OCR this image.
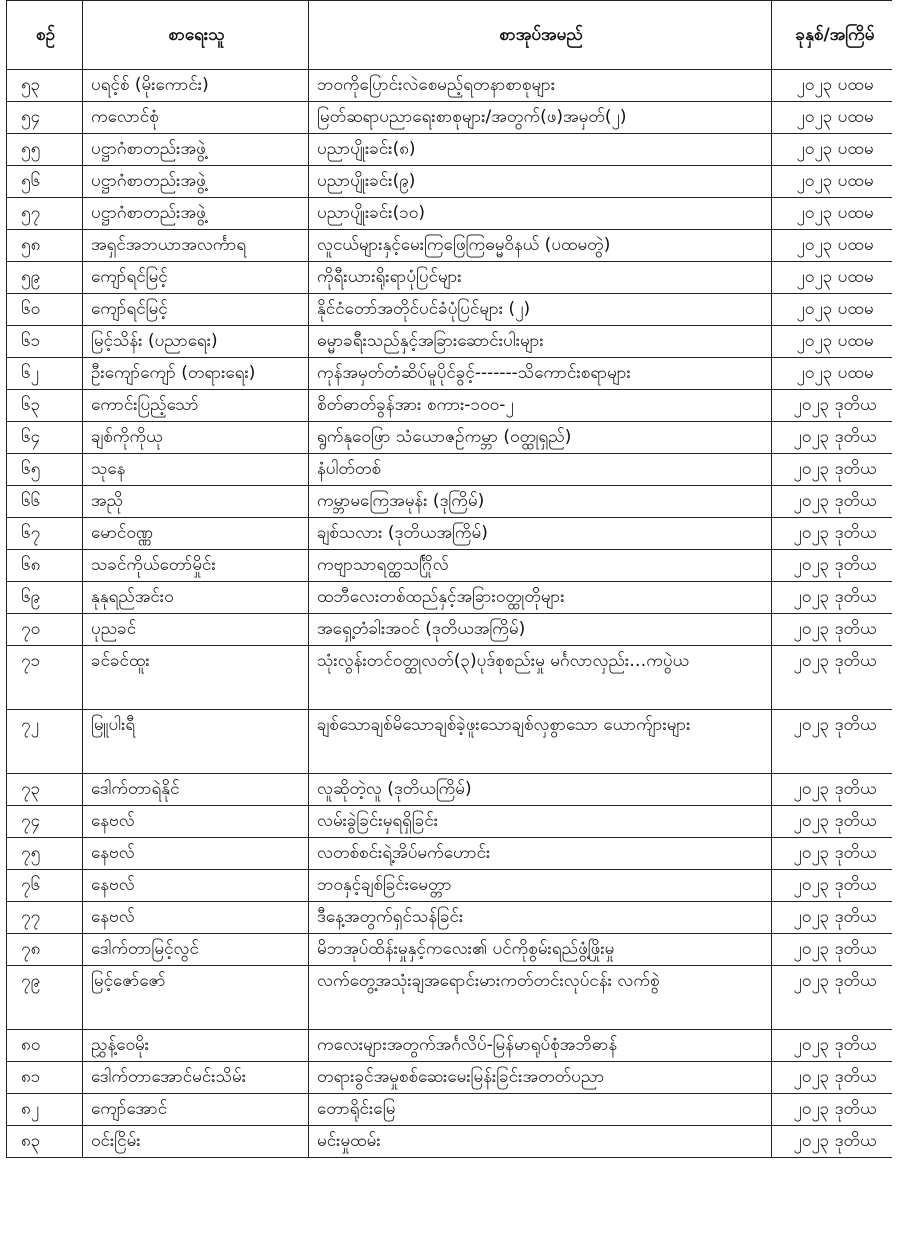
စဉ်	စာရေးသူ	စာအုပ်အမည်	ခုနှစ်/အကြိမ်
၅၃	ပရင့်စ် (မိုးကောင်း)	ဘဝကိုပြောင်းလဲစေမည့်ရတနာစာစုများ	၂၀၂၃ ပထမ
၅၄	ကလောင်စုံ	မြတ်ဆရာပညာရေးစာစုများ/အတွက်(ဖ)အမှတ်(၂)	၂၀၂၃ ပထမ
၅၅	ပဋ္ဌာဂံစာတည်းအဖွဲ့	ပညာပျိုးခင်း(၈)	၂၀၂၃ ပထမ
၅၆	ပဋ္ဌာဂံစာတည်းအဖွဲ့	ပညာပျိုးခင်း(၉)	၂၀၂၃ ပထမ
၅၇	ပဋ္ဌာဂံစာတည်းအဖွဲ့	ပညာပျိုးခင်း(၁၀)	၂၀၂၃ ပထမ
၅၈	အရှင်အဘယာအလင်္ကာရ	လူငယ်များနှင့်မေးကြဖြေကြဓမ္မဝိနယ် (ပထမတွဲ)	၂၀၂၃ ပထမ
၅၉	ကျော်ရင်မြင့်	ကိုရီးယားရိုးရာပုံပြင်များ	၂၀၂၃ ပထမ
၆၀	ကျော်ရင်မြင့်	နိုင်ငံတော်အတိုင်ပင်ခံပုံပြင်များ (၂)	၂၀၂၃ ပထမ
၆၁	မြင့်သိန်း (ပညာရေး)	ဓမ္မာခရီးသည်နှင့်အခြားဆောင်းပါးများ	၂၀၂၃ ပထမ
၆၂	ဦးကျော်ကျော် (တရားရေး)	ကုန်အမှတ်တံဆိပ်မူပိုင်ခွင့်-------သိကောင်းစရာများ	၂၀၂၃ ပထမ
၆၃	ကောင်းပြည့်သော်	စိတ်ဓာတ်ခွန်အား စကား-၁၀၀-၂	၂၀၂၃ ဒုတိယ
၆၄	ချစ်ကိုကိုယု	ရွက်နုဝေဖြာ သံယောဇဉ်ကမ္ဘာ (ဝတ္ထုရှည်)	၂၀၂၃ ဒုတိယ
၆၅	သုနေ	နံပါတ်တစ်	၂၀၂၃ ဒုတိယ
၆၆	အညို	ကမ္ဘာမကြေအမုန်း (ဒုကြိမ်)	၂၀၂၃ ဒုတိယ
၆၇	မောင်ဝဏ္ဏ	ချစ်သလား (ဒုတိယအကြိမ်)	၂၀၂၃ ဒုတိယ
၆၈	သခင်ကိုယ်တော်မှိုင်း	ကဗျာသာရတ္ထသင်္ဂြိုလ်	၂၀၂၃ ဒုတိယ
၆၉	နုနုရည်အင်းဝ	ထဘီလေးတစ်ထည်နှင့်အခြားဝတ္ထုတိုများ	၂၀၂၃ ဒုတိယ
၇၀	ပုညခင်	အရှေ့တံခါးအဝင် (ဒုတိယအကြိမ်)	၂၀၂၃ ဒုတိယ
၇၁	ခင်ခင်ထူး	သုံးလွန်းတင်ဝတ္ထုလတ်(၃)ပုဒ်စုစည်းမှု မင်္ဂလာလှည်း…ကပွဲယ	၂၀၂၃ ဒုတိယ
၇၂	မြူပါးရီ	ချစ်သောချစ်မိသောချစ်ခဲ့ဖူးသောချစ်လှစွာသော ယောက်ျားများ	၂၀၂၃ ဒုတိယ
၇၃	ဒေါက်တာရဲနိုင်	လူဆိုတဲ့လူ (ဒုတိယကြိမ်)	၂၀၂၃ ဒုတိယ
၇၄	နေဗလ်	လမ်းခွဲခြင်းမှရရှိခြင်း	၂၀၂၃ ဒုတိယ
၇၅	နေဗလ်	လတစ်စင်းရဲ့အိပ်မက်ဟောင်း	၂၀၂၃ ဒုတိယ
၇၆	နေဗလ်	ဘဝနှင့်ချစ်ခြင်းမေတ္တာ	၂၀၂၃ ဒုတိယ
၇၇	နေဗလ်	ဒီနေ့အတွက်ရှင်သန်ခြင်း	၂၀၂၃ ဒုတိယ
၇၈	ဒေါက်တာမြင့်လွင်	မိဘအုပ်ထိန်းမှုနှင့်ကလေး၏ ပင်ကိုစွမ်းရည်ဖွံ့ဖြိုးမှု	၂၀၂၃ ဒုတိယ
၇၉	မြင့်ဇော်ဇော်	လက်တွေ့အသုံးချအရောင်းမားကတ်တင်းလုပ်ငန်း လက်စွဲ	၂၀၂၃ ဒုတိယ
၈၀	ညွှန့်ဝေမိုး	ကလေးများအတွက်အင်္ဂလိပ်-မြန်မာရုပ်စုံအဘိဓာန်	၂၀၂၃ ဒုတိယ
၈၁	ဒေါက်တာအောင်မင်းသိမ်း	တရားခွင်အမှုစစ်ဆေးမေးမြန်းခြင်းအတတ်ပညာ	၂၀၂၃ ဒုတိယ
၈၂	ကျော်အောင်	တောရိုင်းမြေ	၂၀၂၃ ဒုတိယ
၈၃	ဝင်းငြိမ်း	မင်းမှုထမ်း	၂၀၂၃ ဒုတိယ
